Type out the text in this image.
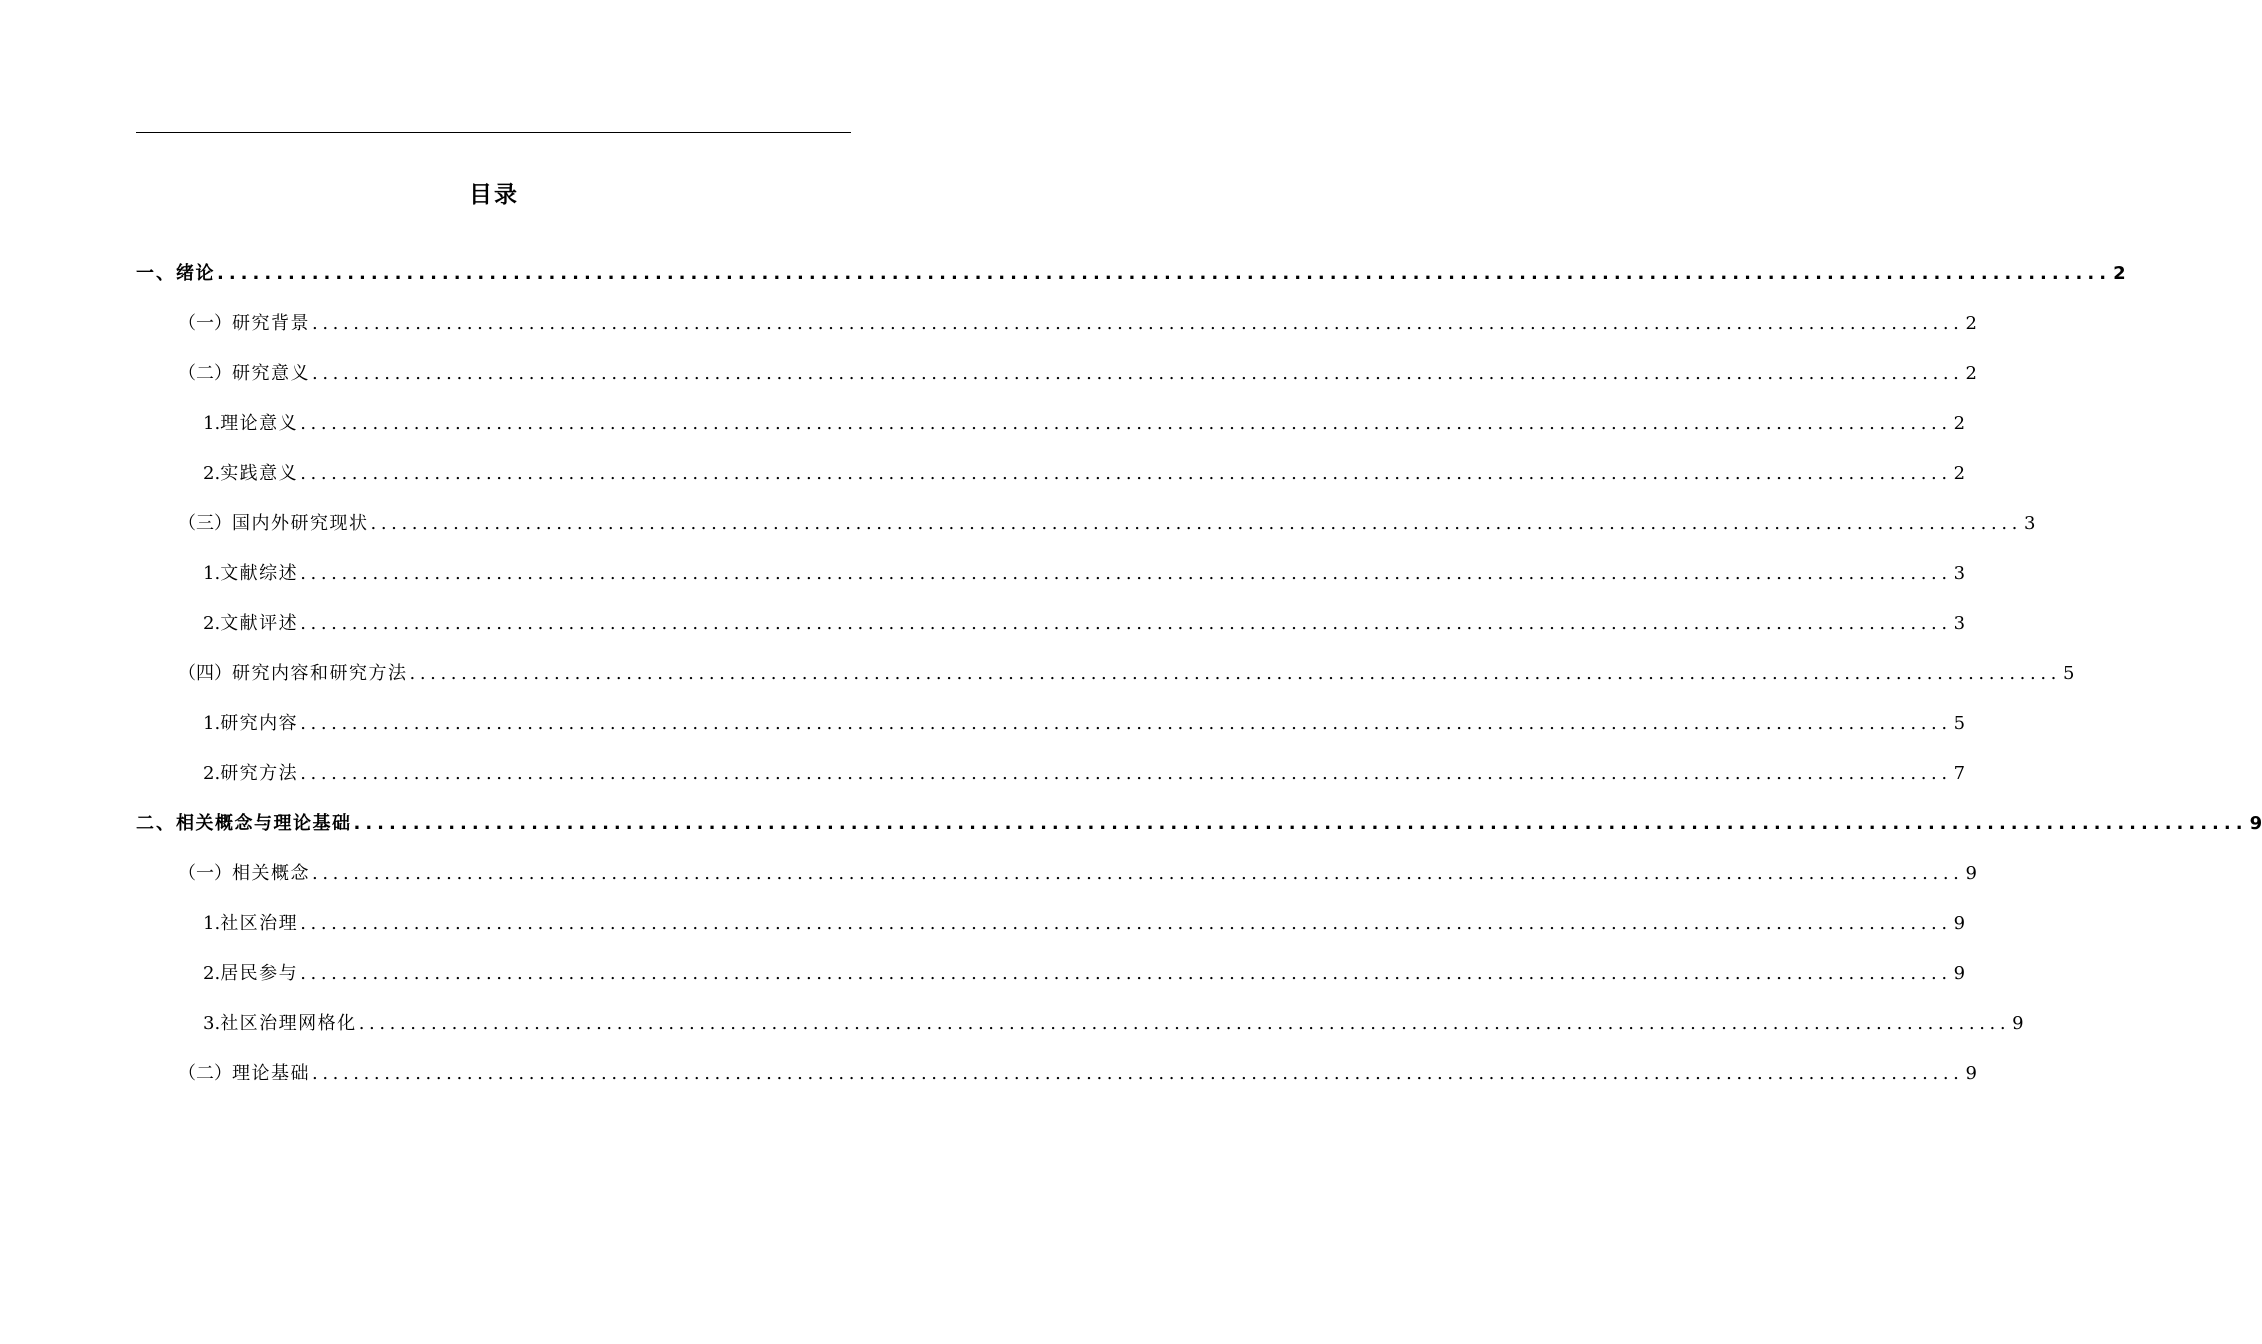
目录
一、 绪论 ................................................................................................................................................................ 2
（一） 研究背景 ................................................................................................................................................................ 2
（二） 研究意义 ................................................................................................................................................................ 2
1. 理论意义 ................................................................................................................................................................ 2
2. 实践意义 ................................................................................................................................................................ 2
（三） 国内外研究现状 ................................................................................................................................................................ 3
1. 文献综述 ................................................................................................................................................................ 3
2. 文献评述 ................................................................................................................................................................ 3
（四） 研究内容和研究方法 ................................................................................................................................................................ 5
1. 研究内容 ................................................................................................................................................................ 5
2. 研究方法 ................................................................................................................................................................ 7
二、 相关概念与理论基础 ................................................................................................................................................................ 9
（一） 相关概念 ................................................................................................................................................................ 9
1. 社区治理 ................................................................................................................................................................ 9
2. 居民参与 ................................................................................................................................................................ 9
3. 社区治理网格化 ................................................................................................................................................................ 9
（二） 理论基础 ................................................................................................................................................................ 9
